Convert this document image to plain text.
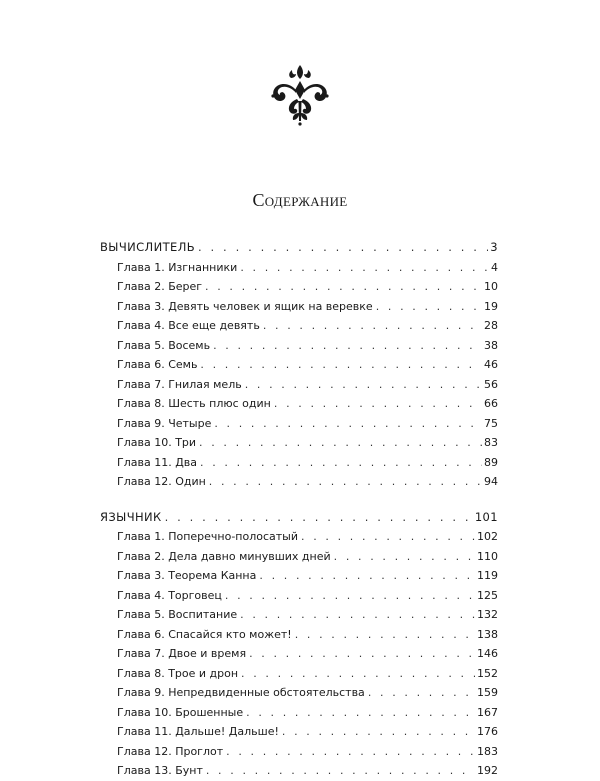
Содержание
ВЫЧИСЛИТЕЛЬ . . .	3
Глава 1. Изгнанники . . .	4
Глава 2. Берег . . .	10
Глава 3. Девять человек и ящик на веревке . . .	19
Глава 4. Все еще девять . . .	28
Глава 5. Восемь . . .	38
Глава 6. Семь . . .	46
Глава 7. Гнилая мель . . .	56
Глава 8. Шесть плюс один . . .	66
Глава 9. Четыре . . .	75
Глава 10. Три . . .	83
Глава 11. Два . . .	89
Глава 12. Один . . .	94
ЯЗЫЧНИК . . .	101
Глава 1. Поперечно-полосатый . . .	102
Глава 2. Дела давно минувших дней . . .	110
Глава 3. Теорема Канна . . .	119
Глава 4. Торговец . . .	125
Глава 5. Воспитание . . .	132
Глава 6. Спасайся кто может! . . .	138
Глава 7. Двое и время . . .	146
Глава 8. Трое и дрон . . .	152
Глава 9. Непредвиденные обстоятельства . . .	159
Глава 10. Брошенные . . .	167
Глава 11. Дальше! Дальше! . . .	176
Глава 12. Проглот . . .	183
Глава 13. Бунт . . .	192
